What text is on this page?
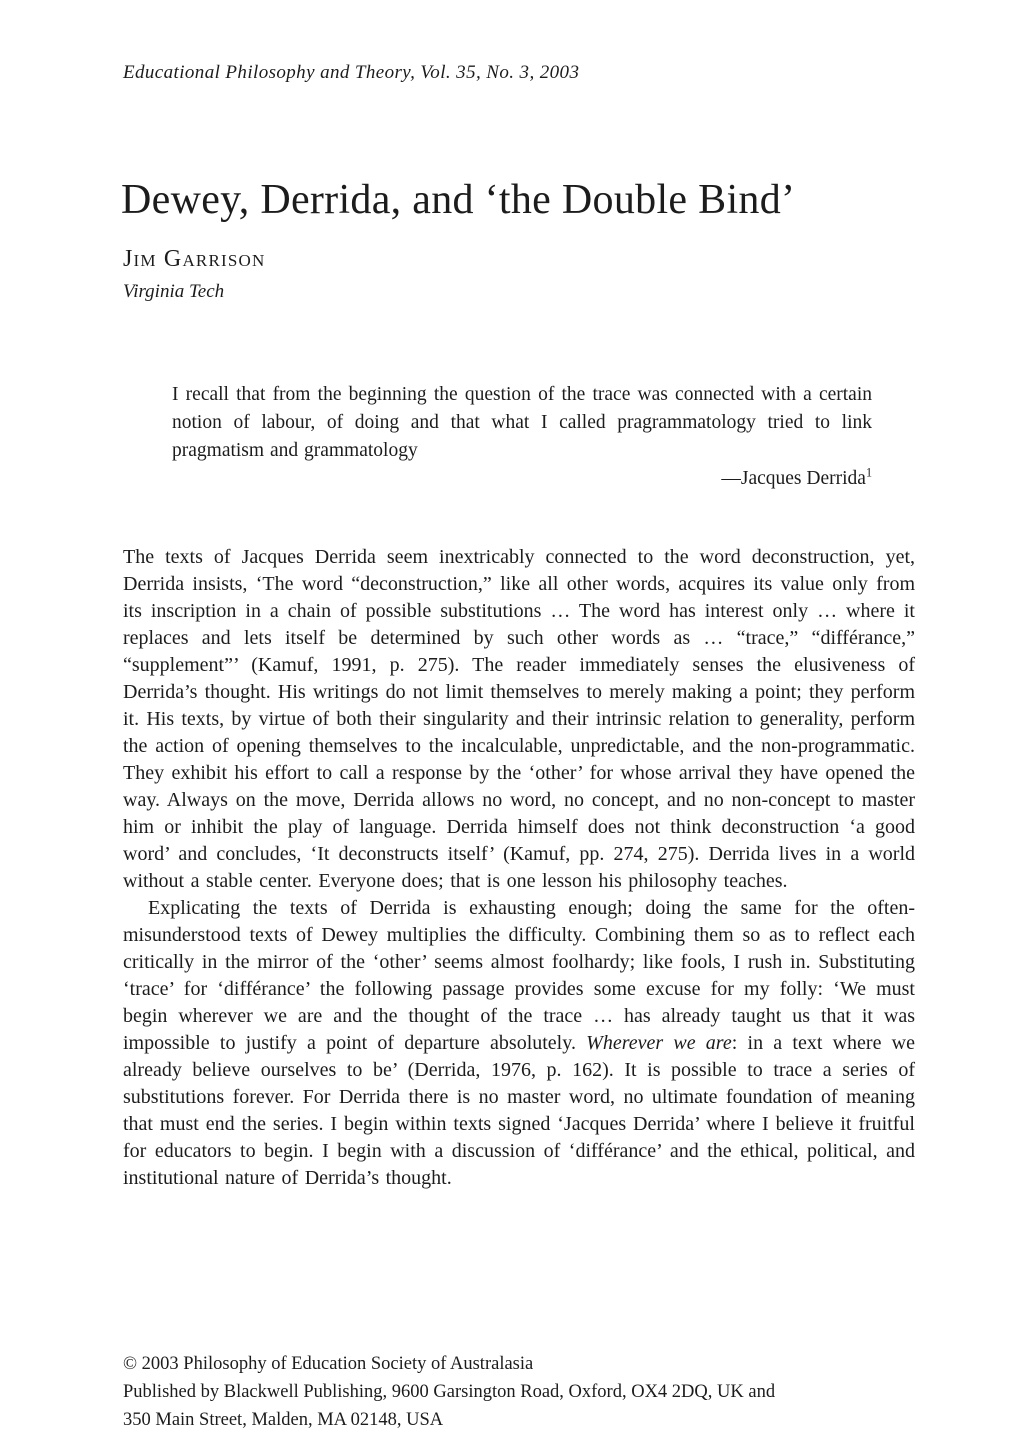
Educational Philosophy and Theory, Vol. 35, No. 3, 2003
Dewey, Derrida, and ‘the Double Bind’
Jim Garrison
Virginia Tech
I recall that from the beginning the question of the trace was connected with a certain notion of labour, of doing and that what I called pragrammatology tried to link pragmatism and grammatology
—Jacques Derrida$^1$

The texts of Jacques Derrida seem inextricably connected to the word deconstruction, yet, Derrida insists, ‘The word “deconstruction,” like all other words, acquires its value only from its inscription in a chain of possible substitutions … The word has interest only … where it replaces and lets itself be determined by such other words as … “trace,” “différance,” “supplement”’ (Kamuf, 1991, p. 275). The reader immediately senses the elusiveness of Derrida’s thought. His writings do not limit themselves to merely making a point; they perform it. His texts, by virtue of both their singularity and their intrinsic relation to generality, perform the action of opening themselves to the incalculable, unpredictable, and the non-programmatic. They exhibit his effort to call a response by the ‘other’ for whose arrival they have opened the way. Always on the move, Derrida allows no word, no concept, and no non-concept to master him or inhibit the play of language. Derrida himself does not think deconstruction ‘a good word’ and concludes, ‘It deconstructs itself’ (Kamuf, pp. 274, 275). Derrida lives in a world without a stable center. Everyone does; that is one lesson his philosophy teaches.

Explicating the texts of Derrida is exhausting enough; doing the same for the often-misunderstood texts of Dewey multiplies the difficulty. Combining them so as to reflect each critically in the mirror of the ‘other’ seems almost foolhardy; like fools, I rush in. Substituting ‘trace’ for ‘différance’ the following passage provides some excuse for my folly: ‘We must begin wherever we are and the thought of the trace … has already taught us that it was impossible to justify a point of departure absolutely. Wherever we are: in a text where we already believe ourselves to be’ (Derrida, 1976, p. 162). It is possible to trace a series of substitutions forever. For Derrida there is no master word, no ultimate foundation of meaning that must end the series. I begin within texts signed ‘Jacques Derrida’ where I believe it fruitful for educators to begin. I begin with a discussion of ‘différance’ and the ethical, political, and institutional nature of Derrida’s thought.

© 2003 Philosophy of Education Society of Australasia
Published by Blackwell Publishing, 9600 Garsington Road, Oxford, OX4 2DQ, UK and
350 Main Street, Malden, MA 02148, USA
